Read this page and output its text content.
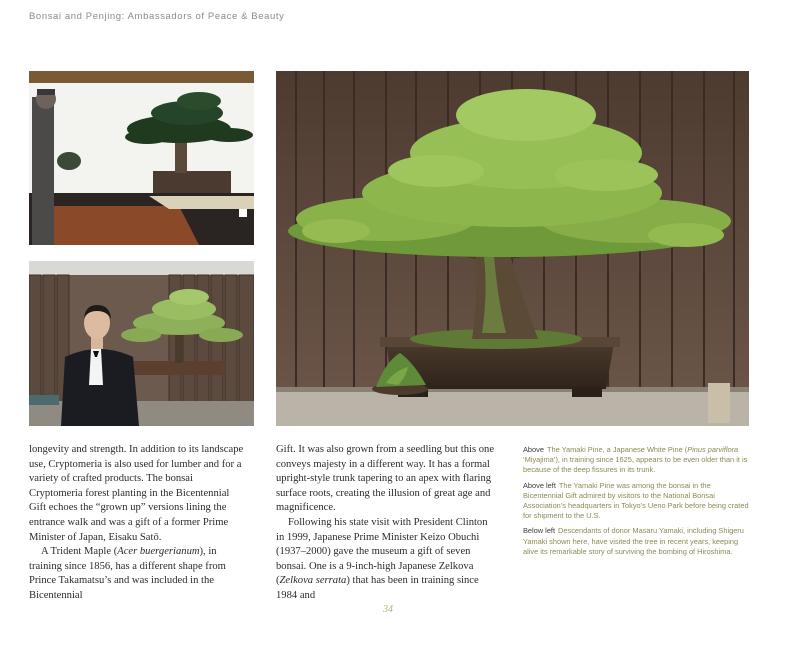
Bonsai and Penjing: Ambassadors of Peace & Beauty

longevity and strength. In addition to its landscape use, Cryptomeria is also used for lumber and for a variety of crafted products. The bonsai Cryptomeria forest planting in the Bicentennial Gift echoes the “grown up” versions lining the entrance walk and was a gift of a former Prime Minister of Japan, Eisaku Satō.

A Trident Maple (Acer buergerianum), in training since 1856, has a different shape from Prince Takamatsu’s and was included in the Bicentennial

Gift. It was also grown from a seedling but this one conveys majesty in a different way. It has a formal upright-style trunk tapering to an apex with flaring surface roots, creating the illusion of great age and magnificence.

Following his state visit with President Clinton in 1999, Japanese Prime Minister Keizo Obuchi (1937–2000) gave the museum a gift of seven bonsai. One is a 9-inch-high Japanese Zelkova (Zelkova serrata) that has been in training since 1984 and

Above The Yamaki Pine, a Japanese White Pine (Pinus parviflora ‘Miyajima’), in training since 1625, appears to be even older than it is because of the deep fissures in its trunk.
Above left The Yamaki Pine was among the bonsai in the Bicentennial Gift admired by visitors to the National Bonsai Association’s headquarters in Tokyo’s Ueno Park before being crated for shipment to the U.S.
Below left Descendants of donor Masaru Yamaki, including Shigeru Yamaki shown here, have visited the tree in recent years, keeping alive its remarkable story of surviving the bombing of Hiroshima.
34
